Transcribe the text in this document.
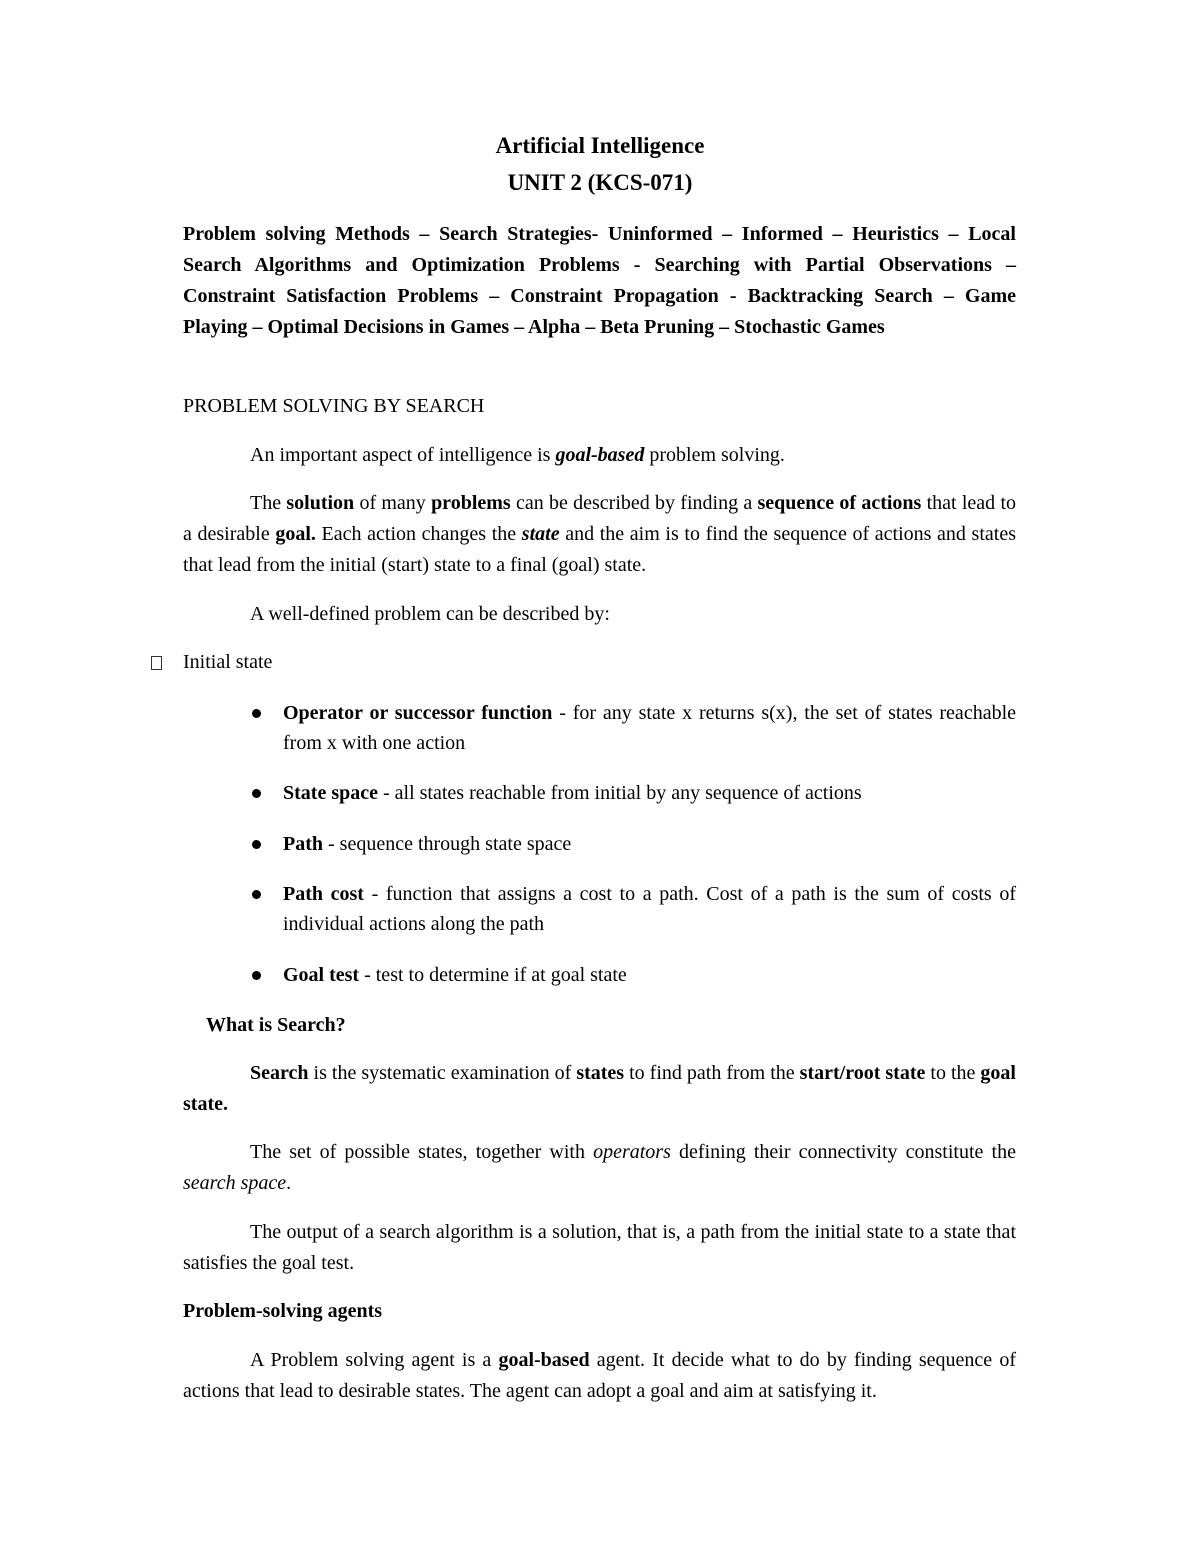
Artificial Intelligence
UNIT 2 (KCS-071)
Problem solving Methods – Search Strategies- Uninformed – Informed – Heuristics – Local Search Algorithms and Optimization Problems - Searching with Partial Observations – Constraint Satisfaction Problems – Constraint Propagation - Backtracking Search – Game Playing – Optimal Decisions in Games – Alpha – Beta Pruning – Stochastic Games
PROBLEM SOLVING BY SEARCH
An important aspect of intelligence is goal-based problem solving.
The solution of many problems can be described by finding a sequence of actions that lead to a desirable goal. Each action changes the state and the aim is to find the sequence of actions and states that lead from the initial (start) state to a final (goal) state.
A well-defined problem can be described by:
Initial state
Operator or successor function - for any state x returns s(x), the set of states reachable from x with one action
State space - all states reachable from initial by any sequence of actions
Path - sequence through state space
Path cost - function that assigns a cost to a path. Cost of a path is the sum of costs of individual actions along the path
Goal test - test to determine if at goal state
What is Search?
Search is the systematic examination of states to find path from the start/root state to the goal state.
The set of possible states, together with operators defining their connectivity constitute the search space.
The output of a search algorithm is a solution, that is, a path from the initial state to a state that satisfies the goal test.
Problem-solving agents
A Problem solving agent is a goal-based agent. It decide what to do by finding sequence of actions that lead to desirable states. The agent can adopt a goal and aim at satisfying it.
